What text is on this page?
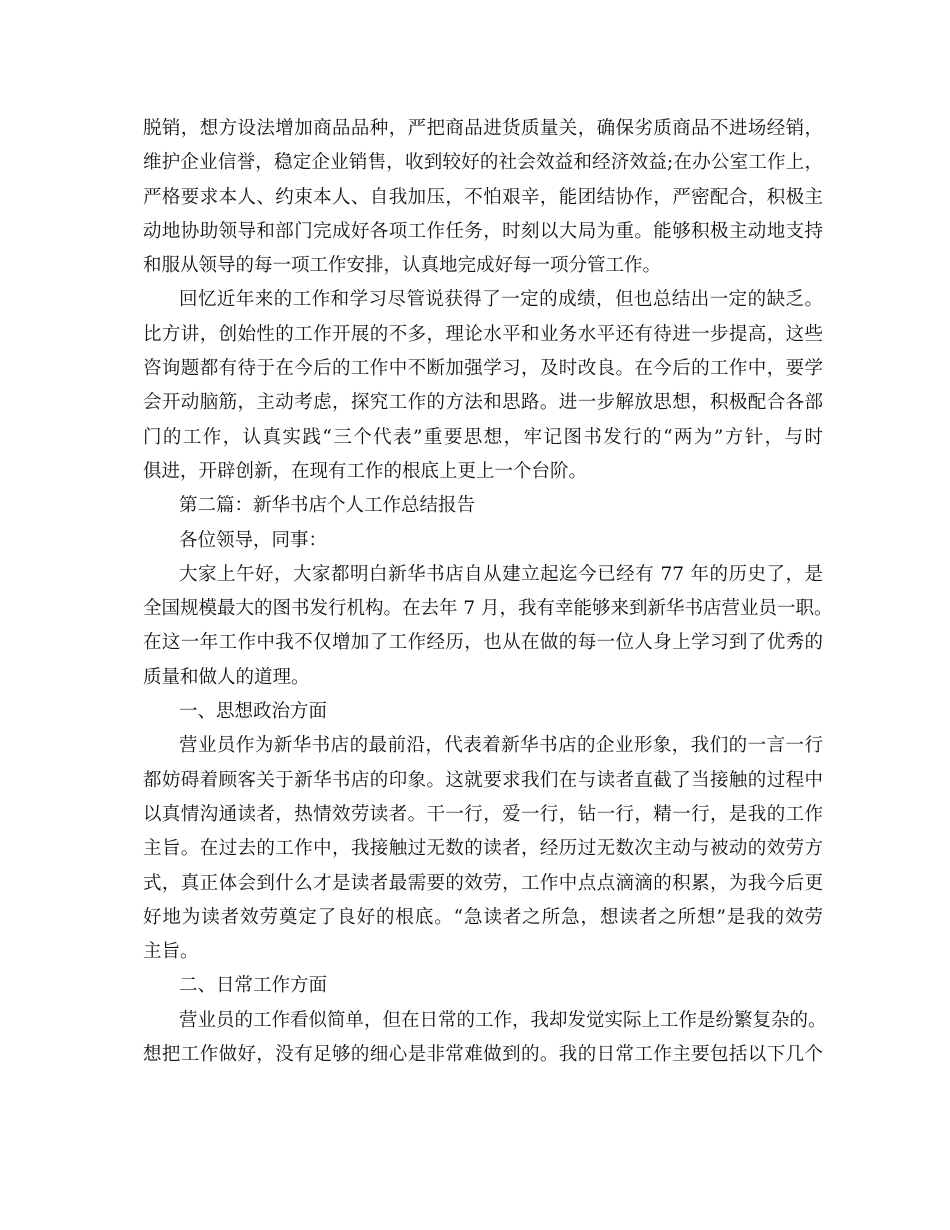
脱销，想方设法增加商品品种，严把商品进货质量关，确保劣质商品不进场经销，
维护企业信誉，稳定企业销售，收到较好的社会效益和经济效益;在办公室工作上，
严格要求本人、约束本人、自我加压，不怕艰辛，能团结协作，严密配合，积极主
动地协助领导和部门完成好各项工作任务，时刻以大局为重。能够积极主动地支持
和服从领导的每一项工作安排，认真地完成好每一项分管工作。
回忆近年来的工作和学习尽管说获得了一定的成绩，但也总结出一定的缺乏。
比方讲，创始性的工作开展的不多，理论水平和业务水平还有待进一步提高，这些
咨询题都有待于在今后的工作中不断加强学习，及时改良。在今后的工作中，要学
会开动脑筋，主动考虑，探究工作的方法和思路。进一步解放思想，积极配合各部
门的工作，认真实践“三个代表”重要思想，牢记图书发行的“两为”方针，与时
俱进，开辟创新，在现有工作的根底上更上一个台阶。
第二篇：新华书店个人工作总结报告
各位领导，同事：
大家上午好，大家都明白新华书店自从建立起迄今已经有 77 年的历史了，是
全国规模最大的图书发行机构。在去年 7 月，我有幸能够来到新华书店营业员一职。
在这一年工作中我不仅增加了工作经历，也从在做的每一位人身上学习到了优秀的
质量和做人的道理。
一、思想政治方面
营业员作为新华书店的最前沿，代表着新华书店的企业形象，我们的一言一行
都妨碍着顾客关于新华书店的印象。这就要求我们在与读者直截了当接触的过程中
以真情沟通读者，热情效劳读者。干一行，爱一行，钻一行，精一行，是我的工作
主旨。在过去的工作中，我接触过无数的读者，经历过无数次主动与被动的效劳方
式，真正体会到什么才是读者最需要的效劳，工作中点点滴滴的积累，为我今后更
好地为读者效劳奠定了良好的根底。“急读者之所急，想读者之所想”是我的效劳
主旨。
二、日常工作方面
营业员的工作看似简单，但在日常的工作，我却发觉实际上工作是纷繁复杂的。
想把工作做好，没有足够的细心是非常难做到的。我的日常工作主要包括以下几个
